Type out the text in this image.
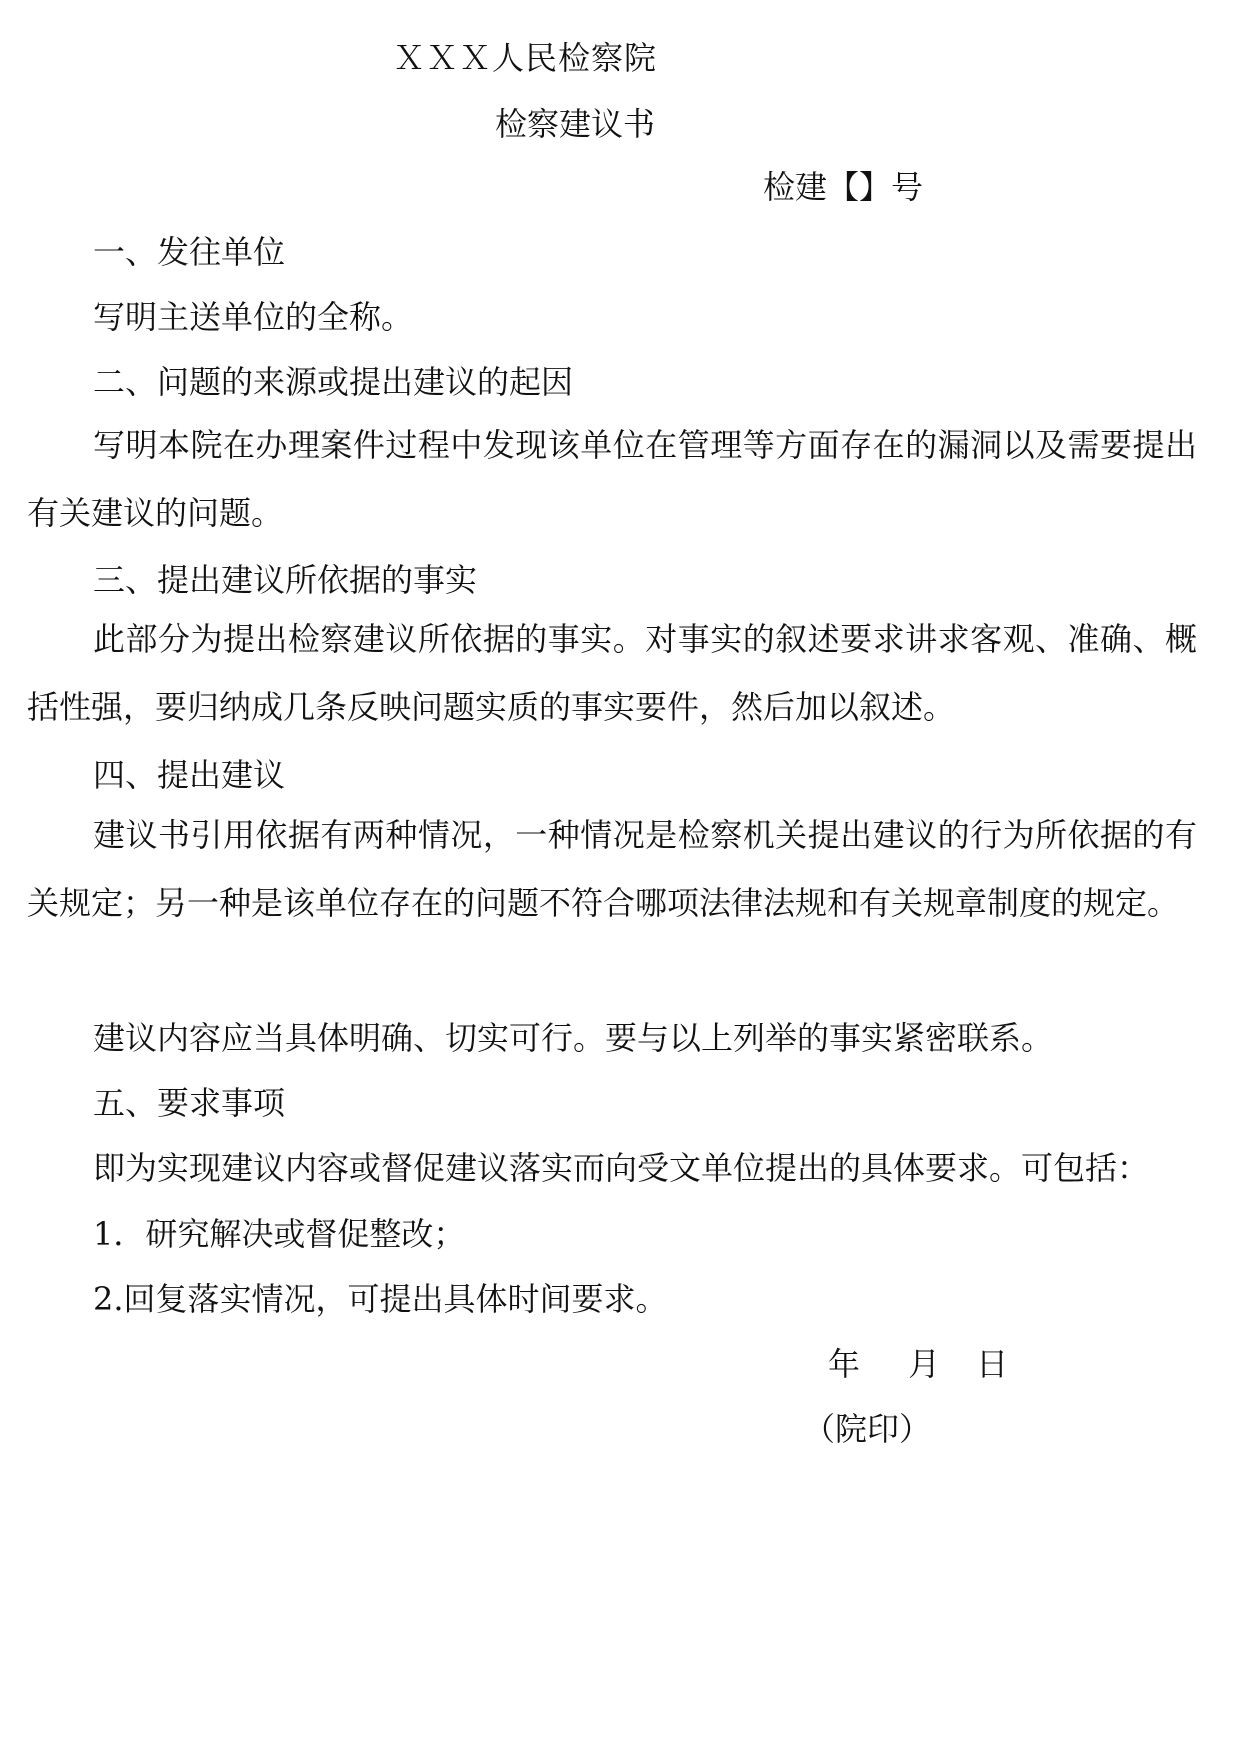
ＸＸＸ人民检察院
检察建议书
检建【】号
一、发往单位
写明主送单位的全称。
二、问题的来源或提出建议的起因
写明本院在办理案件过程中发现该单位在管理等方面存在的漏洞以及需要提出有关建议的问题。
三、提出建议所依据的事实
此部分为提出检察建议所依据的事实。对事实的叙述要求讲求客观、准确、概括性强，要归纳成几条反映问题实质的事实要件，然后加以叙述。
四、提出建议
建议书引用依据有两种情况，一种情况是检察机关提出建议的行为所依据的有关规定；另一种是该单位存在的问题不符合哪项法律法规和有关规章制度的规定。
建议内容应当具体明确、切实可行。要与以上列举的事实紧密联系。
五、要求事项
即为实现建议内容或督促建议落实而向受文单位提出的具体要求。可包括：
1．研究解决或督促整改；
2.回复落实情况，可提出具体时间要求。
年　 月　日
（院印）
